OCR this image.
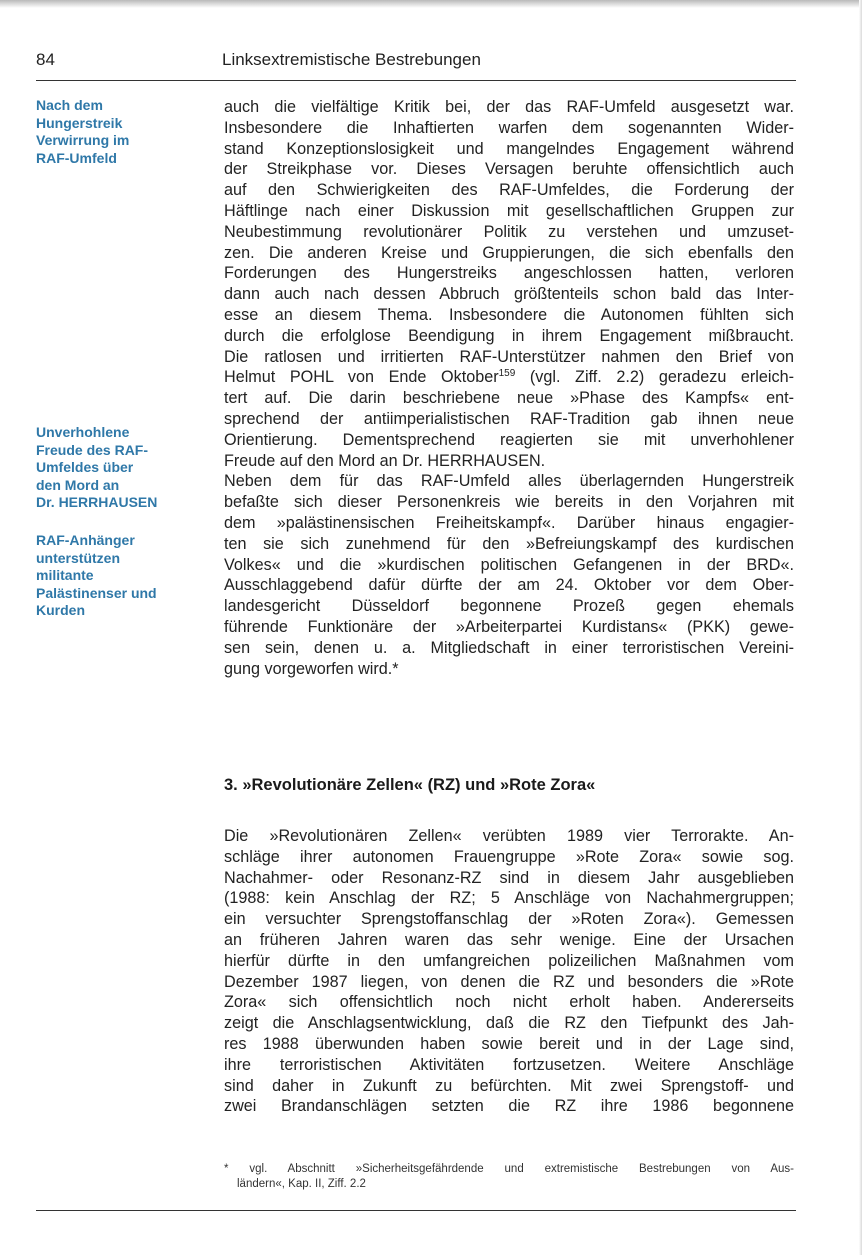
84	Linksextremistische Bestrebungen
Nach dem
Hungerstreik
Verwirrung im
RAF-Umfeld
Unverhohlene
Freude des RAF-
Umfeldes über
den Mord an
Dr. HERRHAUSEN
RAF-Anhänger
unterstützen
militante
Palästinenser und
Kurden
auch die vielfältige Kritik bei, der das RAF-Umfeld ausgesetzt war.
Insbesondere die Inhaftierten warfen dem sogenannten Wider-
stand Konzeptionslosigkeit und mangelndes Engagement während
der Streikphase vor. Dieses Versagen beruhte offensichtlich auch
auf den Schwierigkeiten des RAF-Umfeldes, die Forderung der
Häftlinge nach einer Diskussion mit gesellschaftlichen Gruppen zur
Neubestimmung revolutionärer Politik zu verstehen und umzuset-
zen. Die anderen Kreise und Gruppierungen, die sich ebenfalls den
Forderungen des Hungerstreiks angeschlossen hatten, verloren
dann auch nach dessen Abbruch größtenteils schon bald das Inter-
esse an diesem Thema. Insbesondere die Autonomen fühlten sich
durch die erfolglose Beendigung in ihrem Engagement mißbraucht.
Die ratlosen und irritierten RAF-Unterstützer nahmen den Brief von
Helmut POHL von Ende Oktober$^{159}$ (vgl. Ziff. 2.2) geradezu erleich-
tert auf. Die darin beschriebene neue »Phase des Kampfs« ent-
sprechend der antiimperialistischen RAF-Tradition gab ihnen neue
Orientierung. Dementsprechend reagierten sie mit unverhohlener
Freude auf den Mord an Dr. HERRHAUSEN.
Neben dem für das RAF-Umfeld alles überlagernden Hungerstreik
befaßte sich dieser Personenkreis wie bereits in den Vorjahren mit
dem »palästinensischen Freiheitskampf«. Darüber hinaus engagier-
ten sie sich zunehmend für den »Befreiungskampf des kurdischen
Volkes« und die »kurdischen politischen Gefangenen in der BRD«.
Ausschlaggebend dafür dürfte der am 24. Oktober vor dem Ober-
landesgericht Düsseldorf begonnene Prozeß gegen ehemals
führende Funktionäre der »Arbeiterpartei Kurdistans« (PKK) gewe-
sen sein, denen u. a. Mitgliedschaft in einer terroristischen Vereini-
gung vorgeworfen wird.*
3. »Revolutionäre Zellen« (RZ) und »Rote Zora«
Die »Revolutionären Zellen« verübten 1989 vier Terrorakte. An-
schläge ihrer autonomen Frauengruppe »Rote Zora« sowie sog.
Nachahmer- oder Resonanz-RZ sind in diesem Jahr ausgeblieben
(1988: kein Anschlag der RZ; 5 Anschläge von Nachahmergruppen;
ein versuchter Sprengstoffanschlag der »Roten Zora«). Gemessen
an früheren Jahren waren das sehr wenige. Eine der Ursachen
hierfür dürfte in den umfangreichen polizeilichen Maßnahmen vom
Dezember 1987 liegen, von denen die RZ und besonders die »Rote
Zora« sich offensichtlich noch nicht erholt haben. Andererseits
zeigt die Anschlagsentwicklung, daß die RZ den Tiefpunkt des Jah-
res 1988 überwunden haben sowie bereit und in der Lage sind,
ihre terroristischen Aktivitäten fortzusetzen. Weitere Anschläge
sind daher in Zukunft zu befürchten. Mit zwei Sprengstoff- und
zwei Brandanschlägen setzten die RZ ihre 1986 begonnene
* vgl. Abschnitt »Sicherheitsgefährdende und extremistische Bestrebungen von Aus-
ländern«, Kap. II, Ziff. 2.2
